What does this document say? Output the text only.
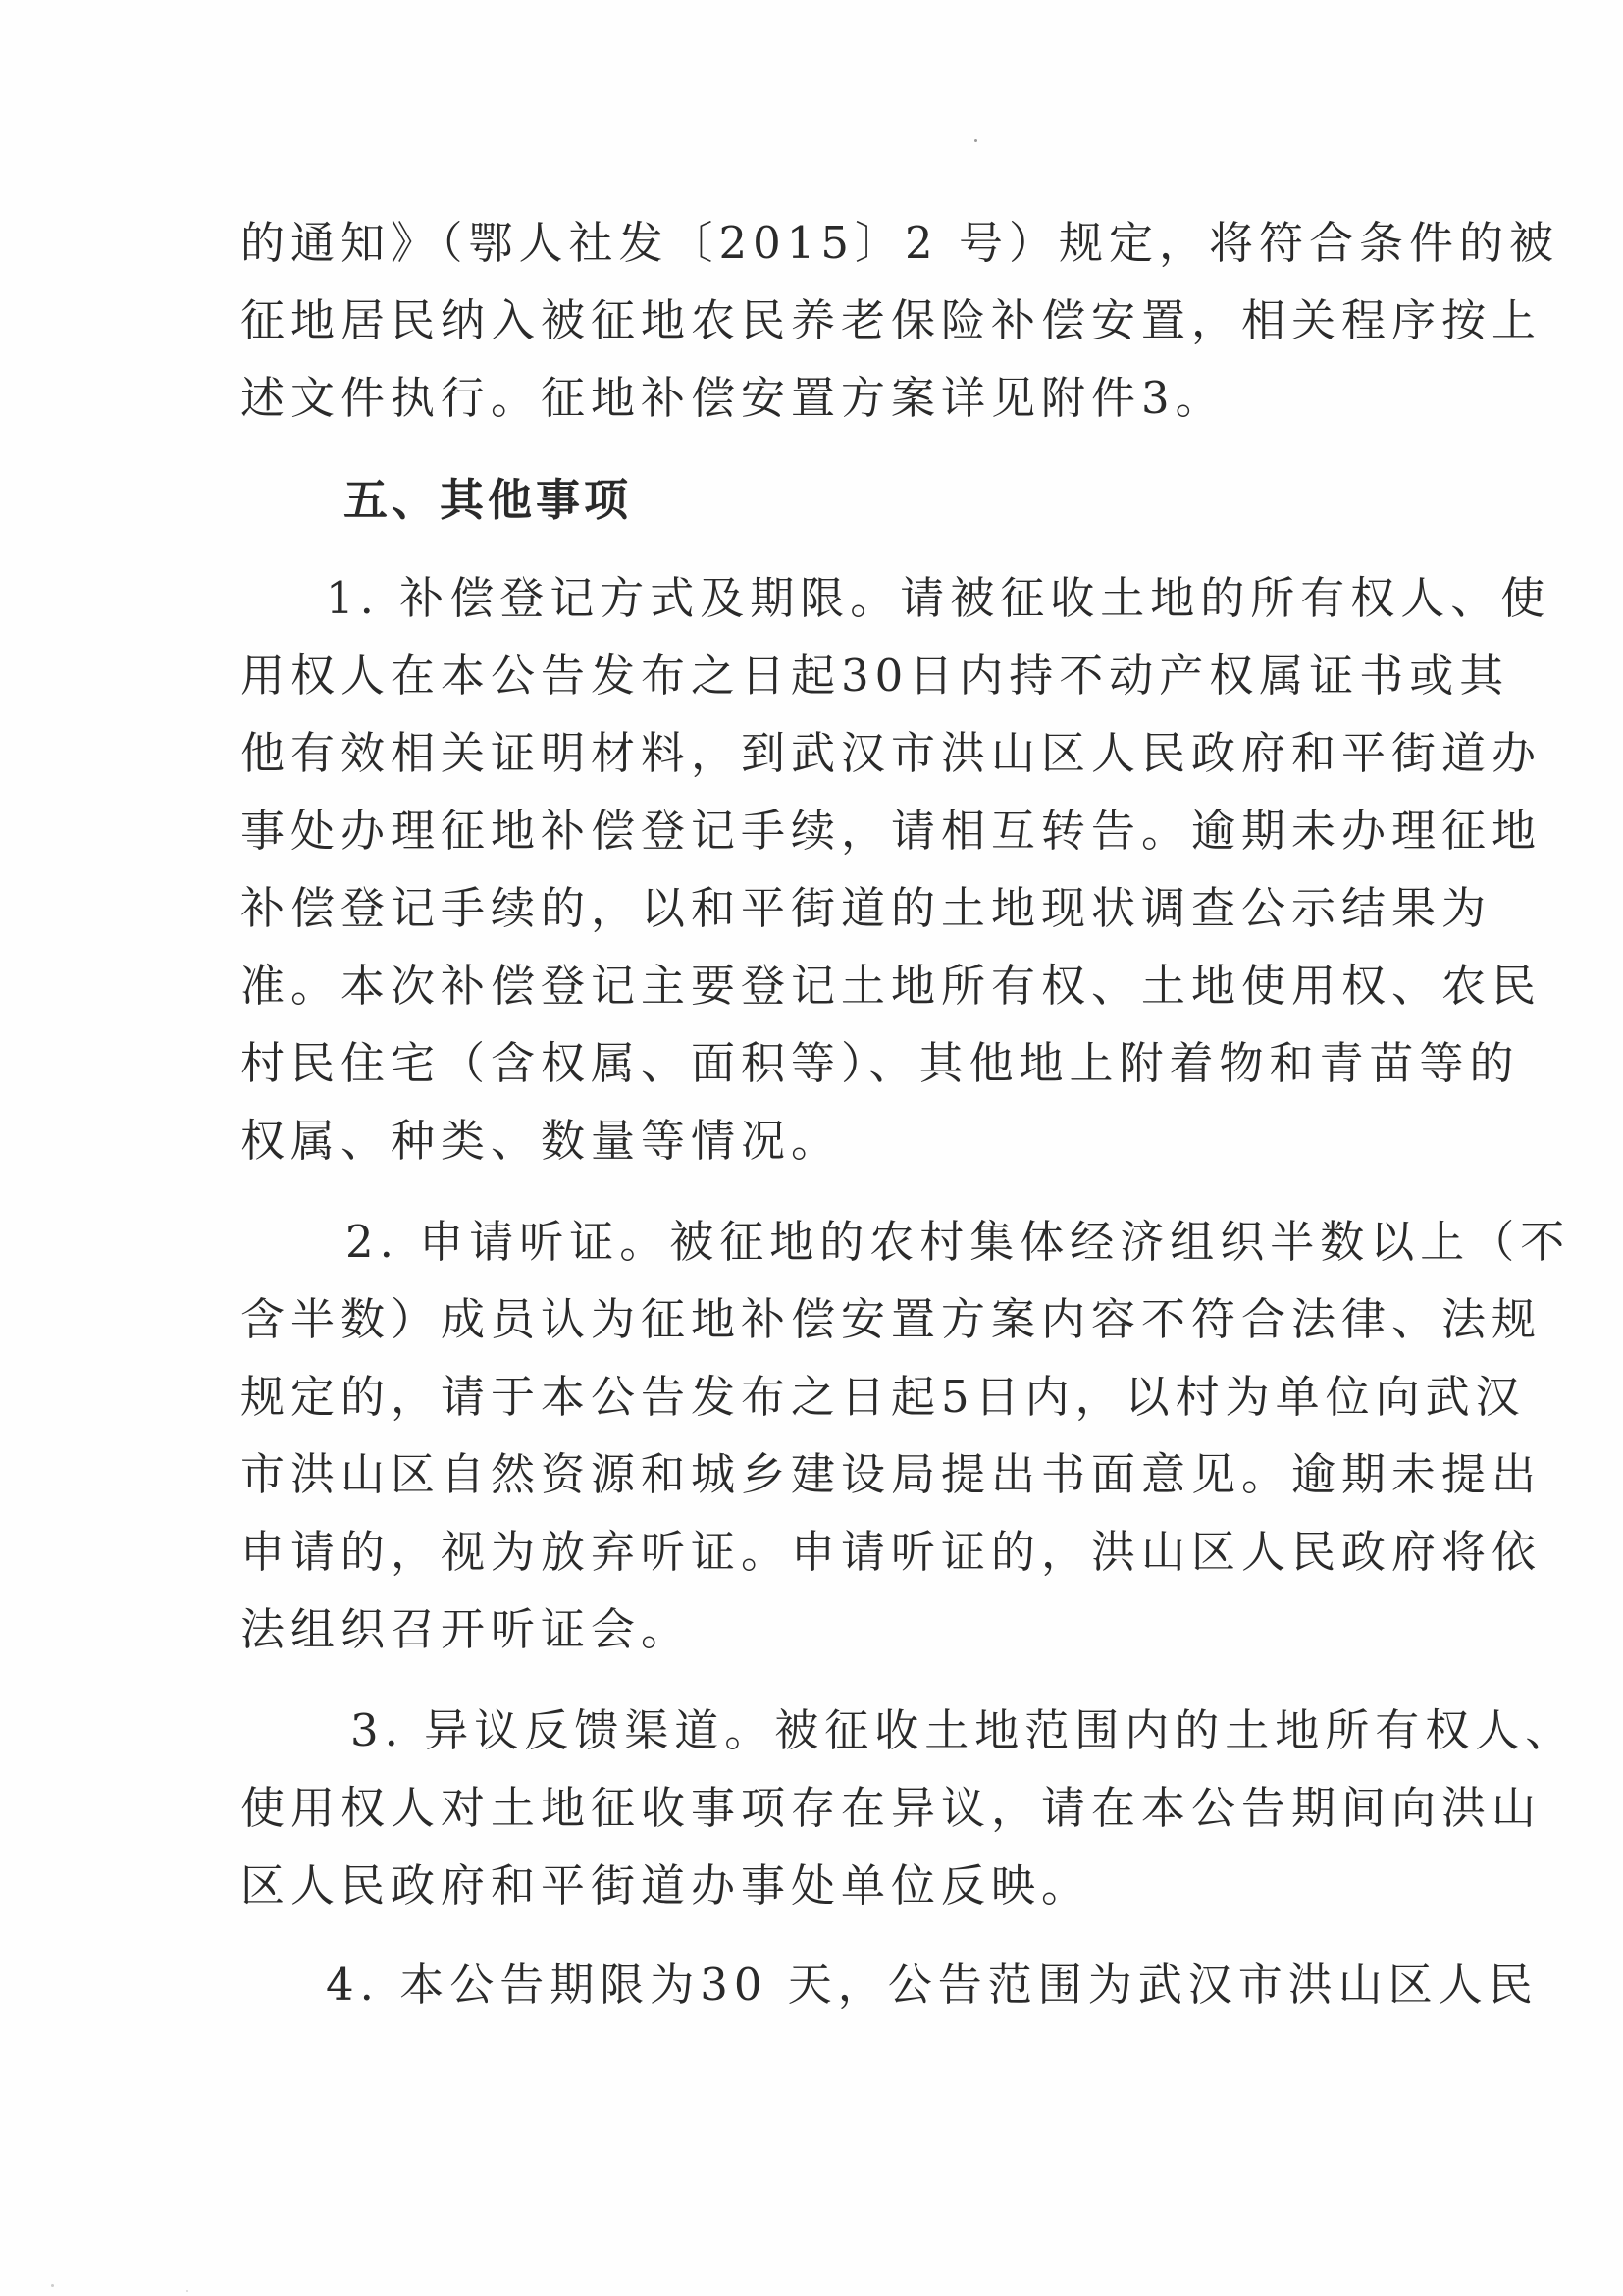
的通知》（鄂人社发〔2015〕2 号）规定，将符合条件的被
征地居民纳入被征地农民养老保险补偿安置，相关程序按上
述文件执行。征地补偿安置方案详见附件3。
五、其他事项
1. 补偿登记方式及期限。请被征收土地的所有权人、使
用权人在本公告发布之日起30日内持不动产权属证书或其
他有效相关证明材料，到武汉市洪山区人民政府和平街道办
事处办理征地补偿登记手续，请相互转告。逾期未办理征地
补偿登记手续的，以和平街道的土地现状调查公示结果为
准。本次补偿登记主要登记土地所有权、土地使用权、农民
村民住宅（含权属、面积等）、其他地上附着物和青苗等的
权属、种类、数量等情况。
2. 申请听证。被征地的农村集体经济组织半数以上（不
含半数）成员认为征地补偿安置方案内容不符合法律、法规
规定的，请于本公告发布之日起5日内，以村为单位向武汉
市洪山区自然资源和城乡建设局提出书面意见。逾期未提出
申请的，视为放弃听证。申请听证的，洪山区人民政府将依
法组织召开听证会。
3. 异议反馈渠道。被征收土地范围内的土地所有权人、
使用权人对土地征收事项存在异议，请在本公告期间向洪山
区人民政府和平街道办事处单位反映。
4. 本公告期限为30 天，公告范围为武汉市洪山区人民
